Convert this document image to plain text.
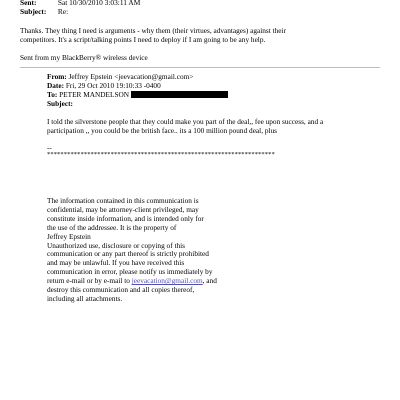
Sent:	Sat 10/30/2010 3:03:11 AM
Subject: Re:
Thanks. They thing I need is arguments - why them (their virtues, advantages) against their
competitors. It's a script/talking points I need to deploy if I am going to be any help.
Sent from my BlackBerry® wireless device
From: Jeffrey Epstein <jeevacation@gmail.com>
Date: Fri, 29 Oct 2010 19:10:33 -0400
To: PETER MANDELSON
Subject:
I told the silverstone people that they could make you part of the deal,, fee upon success, and a
participation ,, you could be the british face.. its a 100 million pound deal, plus
--
********************************************************************
The information contained in this communication is
confidential, may be attorney-client privileged, may
constitute inside information, and is intended only for
the use of the addressee. It is the property of
Jeffrey Epstein
Unauthorized use, disclosure or copying of this
communication or any part thereof is strictly prohibited
and may be unlawful. If you have received this
communication in error, please notify us immediately by
return e-mail or by e-mail to jeevacation@gmail.com, and
destroy this communication and all copies thereof,
including all attachments.
